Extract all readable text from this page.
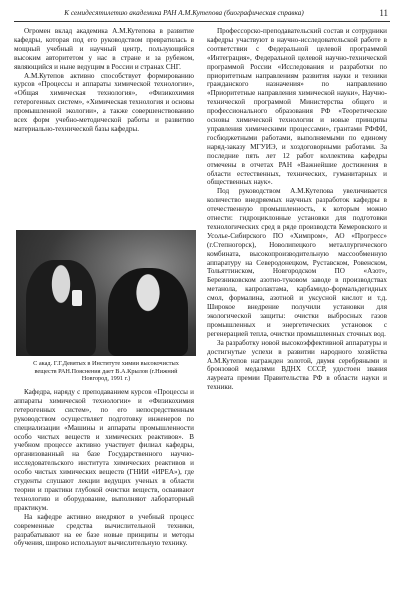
К семидесятилетию академика РАН А.М.Кутепова (биографическая справка)	11

Огромен вклад академика А.М.Кутепова в развитие кафедры, которая под его руководством превратилась в мощный учебный и научный центр, пользующийся высоким авторитетом у нас в стране и за рубежом, являющийся и ныне ведущим в России и странах СНГ.

А.М.Кутепов активно способствует формированию курсов «Процессы и аппараты химической технологии», «Общая химическая технология», «Физикохимия гетерогенных систем», «Химическая технология и основы промышленной экологии», а также совершенствованию всех форм учебно-методической работы и развитию материально-технической базы кафедры.

С акад. Г.Г.Девятых в Институте химии высокочистых веществ РАН.Пояснения дает В.А.Крылов (г.Нижний Новгород, 1991 г.)

Кафедра, наряду с преподаванием курсов «Процессы и аппараты химической технологии» и «Физикохимия гетерогенных систем», по его непосредственным руководством осуществляет подготовку инженеров по специализации «Машины и аппараты промышленности особо чистых веществ и химических реактивов». В учебном процессе активно участвует филиал кафедры, организованный на базе Государственного научно-исследовательского института химических реактивов и особо чистых химических веществ (ГНИИ «ИРЕА»), где студенты слушают лекции ведущих ученых в области теории и практики глубокой очистки веществ, осваивают технологию и оборудование, выполняют лабораторный практикум.

На кафедре активно внедряют в учебный процесс современные средства вычислительной техники, разрабатывают на ее базе новые принципы и методы обучения, широко используют вычислительную технику.

Профессорско-преподавательский состав и сотрудники кафедры участвуют в научно-исследовательской работе в соответствии с Федеральной целевой программой «Интеграция», Федеральной целевой научно-технической программой России «Исследования и разработки по приоритетным направлениям развития науки и техники гражданского назначения» по направлению «Приоритетные направления химической науки», Научно-технической программой Министерства общего и профессионального образования РФ «Теоретические основы химической технологии и новые принципы управления химическими процессами», грантами РФФИ, госбюджетными работами, выполняемыми по единому наряд-заказу МГУИЭ, и хоздоговорными работами. За последние пять лет 12 работ коллектива кафедры отмечены в отчетах РАН «Важнейшие достижения в области естественных, технических, гуманитарных и общественных наук».

Под руководством А.М.Кутепова увеличивается количество внедряемых научных разработок кафедры в отечественную промышленность, к которым можно отнести: гидроциклонные установки для подготовки технологических сред в ряде производств Кемеровского и Усолье-Сибирского ПО «Химпром», АО «Прогресс» (г.Степногорск), Новолипецкого металлургического комбината, высокопроизводительную массообменную аппаратуру на Северодонецком, Руставском, Ровенском, Тольяттинском, Новгородском ПО «Азот», Березниковском азотно-туковом заводе в производствах метанола, капролактама, карбамидо-формальдегидных смол, формалина, азотной и уксусной кислот и т.д. Широкое внедрение получили установки для экологической защиты: очистки выбросных газов промышленных и энергетических установок с регенерацией тепла, очистки промышленных сточных вод.

За разработку новой высокоэффективной аппаратуры и достигнутые успехи в развитии народного хозяйства А.М.Кутепов награжден золотой, двумя серебряными и бронзовой медалями ВДНХ СССР, удостоен звания лауреата премии Правительства РФ в области науки и техники.
